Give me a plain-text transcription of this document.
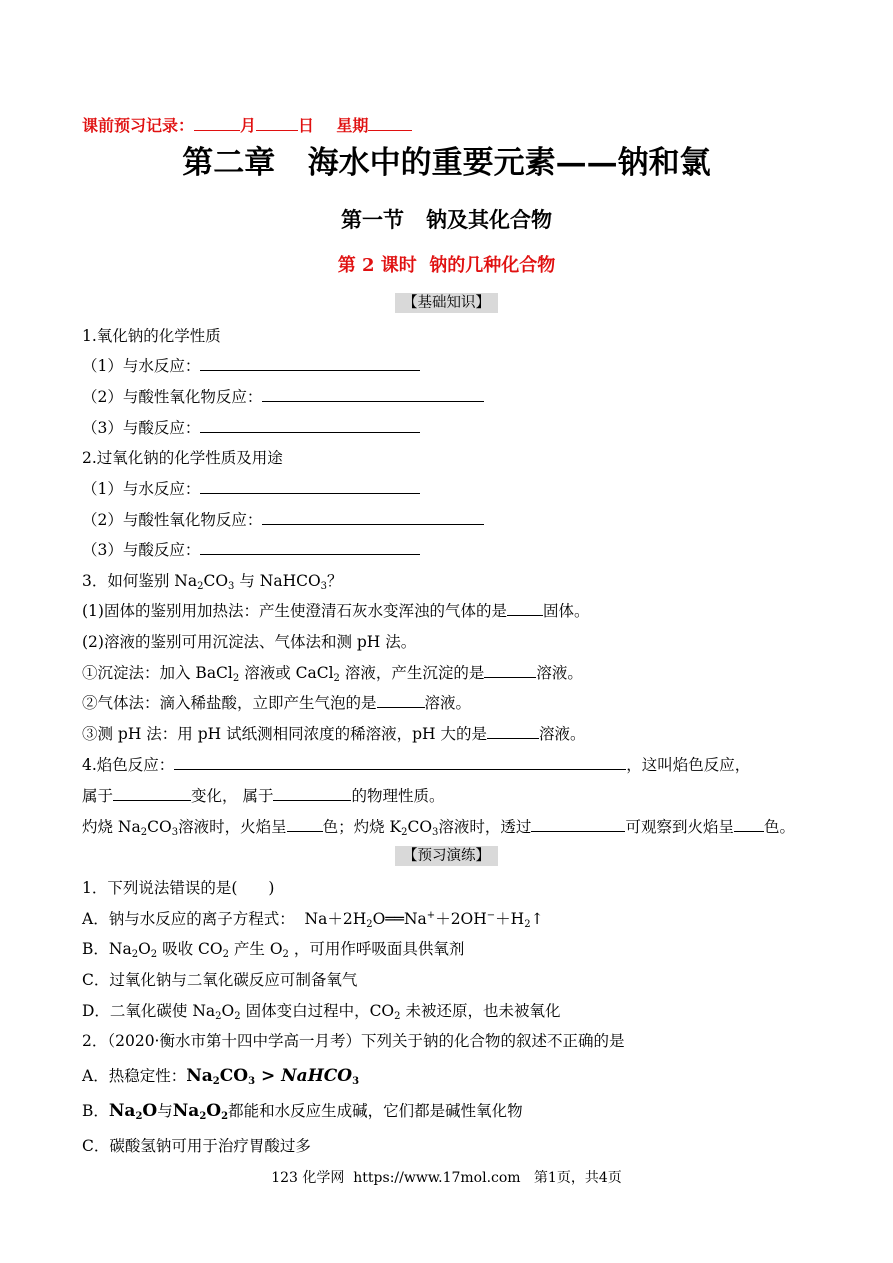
课前预习记录：	月	日 星期
第二章   海水中的重要元素——钠和氯
第一节   钠及其化合物
第 2 课时  钠的几种化合物
【基础知识】
1.氧化钠的化学性质
（1）与水反应：
（2）与酸性氧化物反应：
（3）与酸反应：
2.过氧化钠的化学性质及用途
（1）与水反应：
（2）与酸性氧化物反应：
（3）与酸反应：
3．如何鉴别 $Na_2CO_3$ 与 NaHCO$_3$？
(1)固体的鉴别用加热法：产生使澄清石灰水变浑浊的气体的是 固体。
(2)溶液的鉴别可用沉淀法、气体法和测 pH 法。
①沉淀法：加入 BaCl$_2$ 溶液或 CaCl$_2$ 溶液，产生沉淀的是	溶液。
②气体法：滴入稀盐酸，立即产生气泡的是	溶液。
③测 pH 法：用 pH 试纸测相同浓度的稀溶液，pH 大的是	溶液。
4.焰色反应：	，这叫焰色反应，
属于	变化， 属于	的物理性质。
灼烧 $Na_2CO_3$溶液时，火焰呈 色；灼烧 $K_2CO_3$溶液时，透过	可观察到火焰呈 色。
【预习演练】
1．下列说法错误的是(　　)
A．钠与水反应的离子方程式：  $Na+2H_2O══Na^++2OH^-+H_2↑$
B．$Na_2O_2$ 吸收 $CO_2$ 产生 $O_2$ ，可用作呼吸面具供氧剂
C．过氧化钠与二氧化碳反应可制备氧气
D．二氧化碳使 $Na_2O_2$ 固体变白过程中，$CO_2$ 未被还原，也未被氧化
2．（2020·衡水市第十四中学高一月考）下列关于钠的化合物的叙述不正确的是
A．热稳定性：$Na_2CO_3$ > NaHCO$_3$
B．$Na_2O$与$Na_2O_2$都能和水反应生成碱，它们都是碱性氧化物
C．碳酸氢钠可用于治疗胃酸过多
123 化学网  https://www.17mol.com   第1页，共4页
